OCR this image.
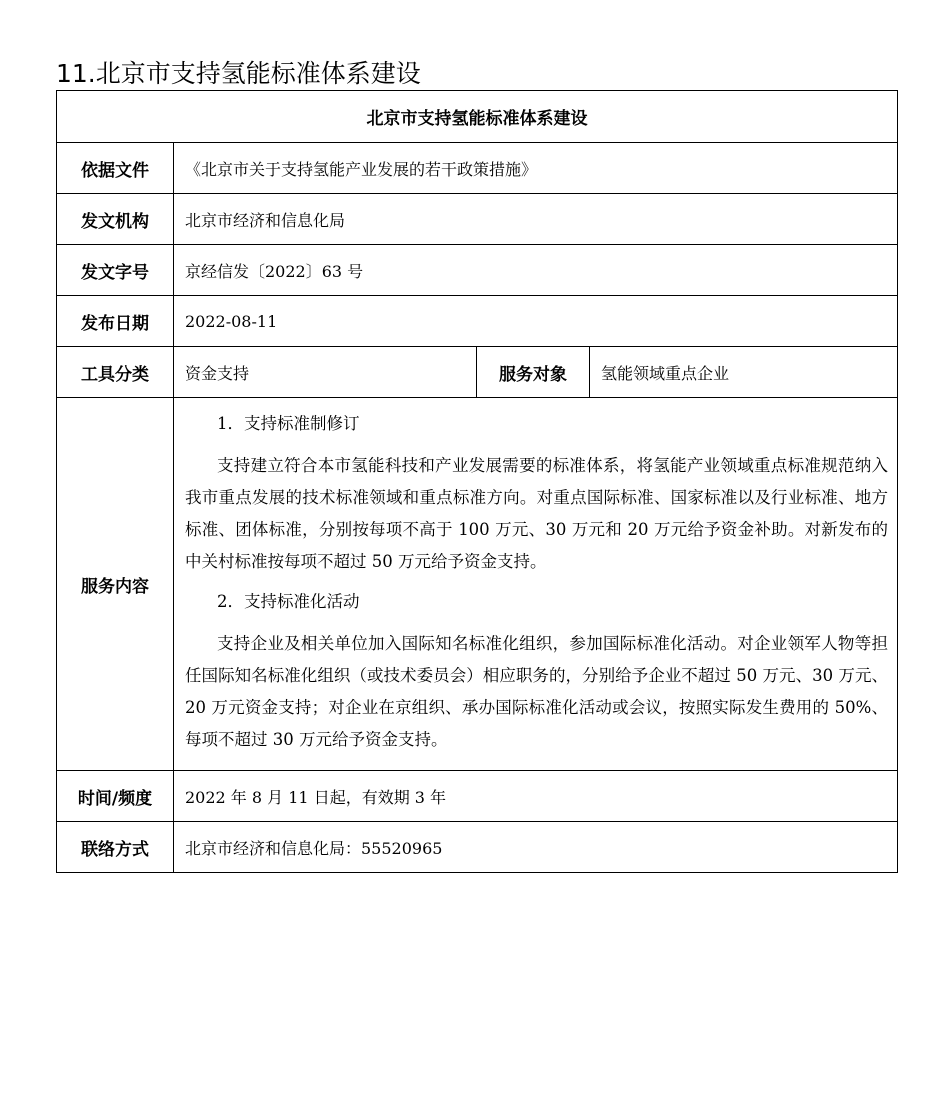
11.北京市支持氢能标准体系建设
北京市支持氢能标准体系建设			
依据文件	《北京市关于支持氢能产业发展的若干政策措施》		
发文机构	北京市经济和信息化局		
发文字号	京经信发〔2022〕63 号		
发布日期	2022-08-11		
工具分类	资金支持	服务对象	氢能领域重点企业
服务内容	1．支持标准制修订

支持建立符合本市氢能科技和产业发展需要的标准体系，将氢能产业领域重点标准规范纳入我市重点发展的技术标准领域和重点标准方向。对重点国际标准、国家标准以及行业标准、地方标准、团体标准，分别按每项不高于 100 万元、30 万元和 20 万元给予资金补助。对新发布的中关村标准按每项不超过 50 万元给予资金支持。

2．支持标准化活动

支持企业及相关单位加入国际知名标准化组织，参加国际标准化活动。对企业领军人物等担任国际知名标准化组织（或技术委员会）相应职务的，分别给予企业不超过 50 万元、30 万元、20 万元资金支持；对企业在京组织、承办国际标准化活动或会议，按照实际发生费用的 50%、每项不超过 30 万元给予资金支持。		

时间/频度	2022 年 8 月 11 日起，有效期 3 年		
联络方式	北京市经济和信息化局：55520965		
